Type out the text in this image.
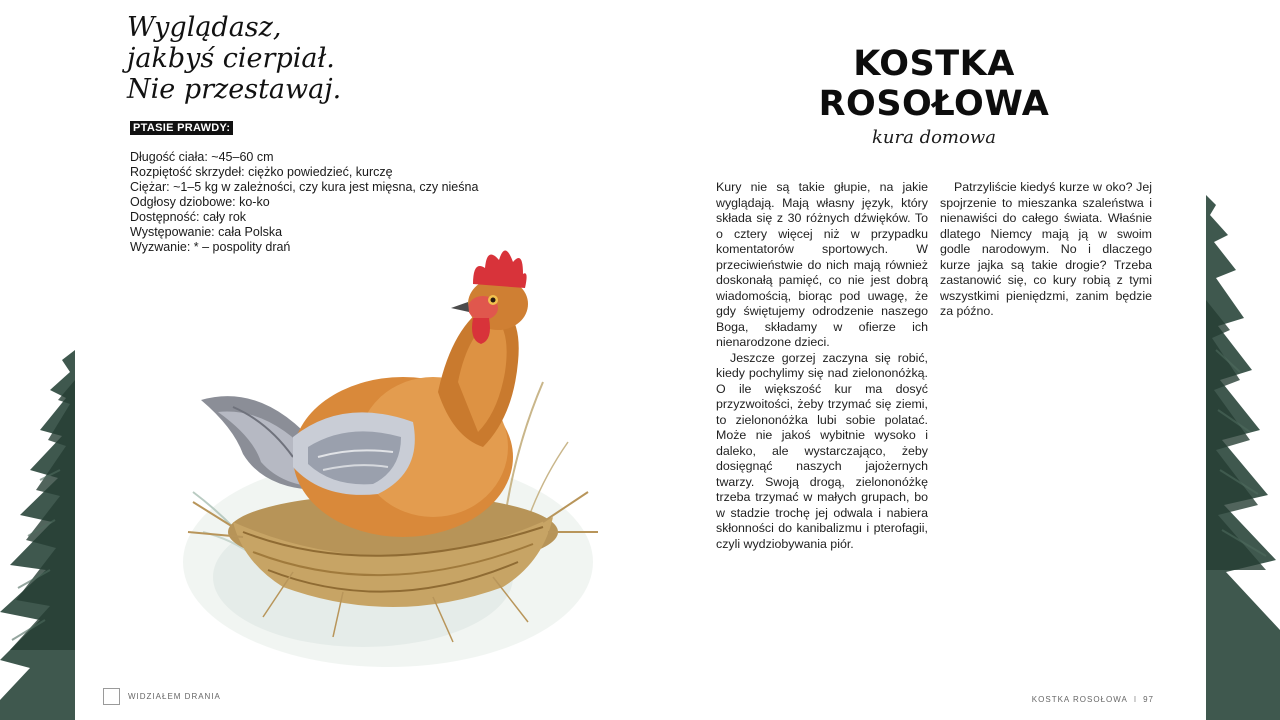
Wyglądasz,
jakbyś cierpiał.
Nie przestawaj.
PTASIE PRAWDY:
Długość ciała: ~45–60 cm
Rozpiętość skrzydeł: ciężko powiedzieć, kurczę
Ciężar: ~1–5 kg w zależności, czy kura jest mięsna, czy nieśna
Odgłosy dziobowe: ko-ko
Dostępność: cały rok
Występowanie: cała Polska
Wyzwanie: * – pospolity drań
WIDZIAŁEM DRANIA
KOSTKA
ROSOŁOWA
kura domowa

Kury nie są takie głupie, na jakie wyglądają. Mają własny język, który składa się z 30 różnych dźwięków. To o cztery więcej niż w przypadku komentatorów sportowych. W przeciwieństwie do nich mają również doskonałą pamięć, co nie jest dobrą wiadomością, biorąc pod uwagę, że gdy świętujemy odrodzenie naszego Boga, składamy w ofierze ich nienarodzone dzieci.

Jeszcze gorzej zaczyna się robić, kiedy pochylimy się nad zielononóżką. O ile większość kur ma dosyć przyzwoitości, żeby trzymać się ziemi, to zielononóżka lubi sobie polatać. Może nie jakoś wybitnie wysoko i daleko, ale wystarczająco, żeby dosięgnąć naszych jajożernych twarzy. Swoją drogą, zielononóżkę trzeba trzymać w małych grupach, bo w stadzie trochę jej odwala i nabiera skłonności do kanibalizmu i pterofagii, czyli wydziobywania piór.

Patrzyliście kiedyś kurze w oko? Jej spojrzenie to mieszanka szaleństwa i nienawiści do całego świata. Właśnie dlatego Niemcy mają ją w swoim godle narodowym. No i dlaczego kurze jajka są takie drogie? Trzeba zastanowić się, co kury robią z tymi wszystkimi pieniędzmi, zanim będzie za późno.

KOSTKA ROSOŁOWA I 97
